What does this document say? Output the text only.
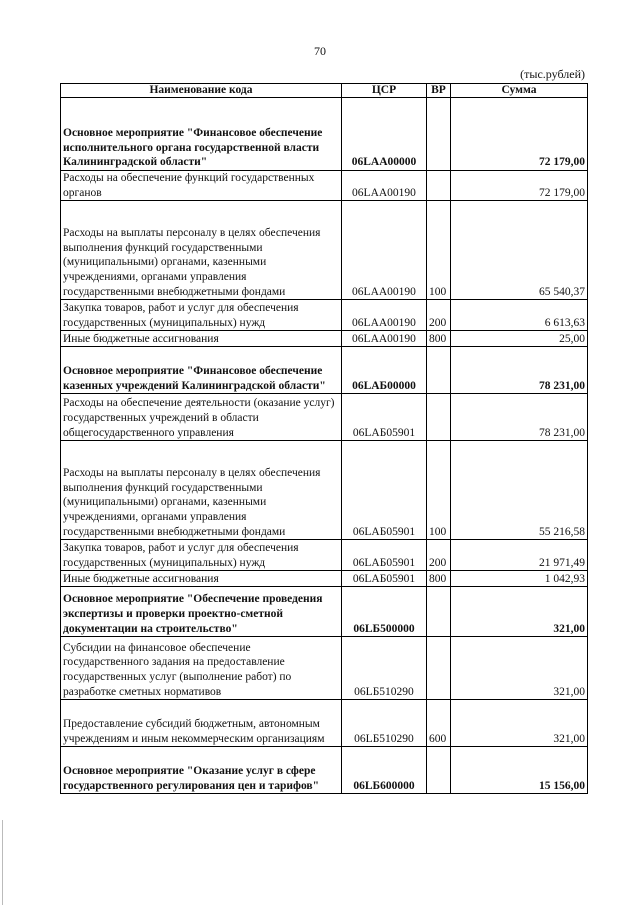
70
(тыс.рублей)
Наименование кода	ЦСР	ВР	Сумма
Основное мероприятие "Финансовое обеспечение исполнительного органа государственной власти Калининградской области"	06LAA00000		72 179,00
Расходы на обеспечение функций государственных органов	06LAA00190		72 179,00
Расходы на выплаты персоналу в целях обеспечения выполнения функций государственными (муниципальными) органами, казенными учреждениями, органами управления государственными внебюджетными фондами	06LAA00190	100	65 540,37
Закупка товаров, работ и услуг для обеспечения государственных (муниципальных) нужд	06LAA00190	200	6 613,63
Иные бюджетные ассигнования	06LAA00190	800	25,00
Основное мероприятие "Финансовое обеспечение казенных учреждений Калининградской области"	06LAБ00000		78 231,00
Расходы на обеспечение деятельности (оказание услуг) государственных учреждений в области общегосударственного управления	06LAБ05901		78 231,00
Расходы на выплаты персоналу в целях обеспечения выполнения функций государственными (муниципальными) органами, казенными учреждениями, органами управления государственными внебюджетными фондами	06LAБ05901	100	55 216,58
Закупка товаров, работ и услуг для обеспечения государственных (муниципальных) нужд	06LAБ05901	200	21 971,49
Иные бюджетные ассигнования	06LAБ05901	800	1 042,93
Основное мероприятие "Обеспечение проведения экспертизы и проверки проектно-сметной документации на строительство"	06LБ500000		321,00
Субсидии на финансовое обеспечение государственного задания на предоставление государственных услуг (выполнение работ) по разработке сметных нормативов	06LБ510290		321,00
Предоставление субсидий бюджетным, автономным учреждениям и иным некоммерческим организациям	06LБ510290	600	321,00
Основное мероприятие "Оказание услуг в сфере государственного регулирования цен и тарифов"	06LБ600000		15 156,00
